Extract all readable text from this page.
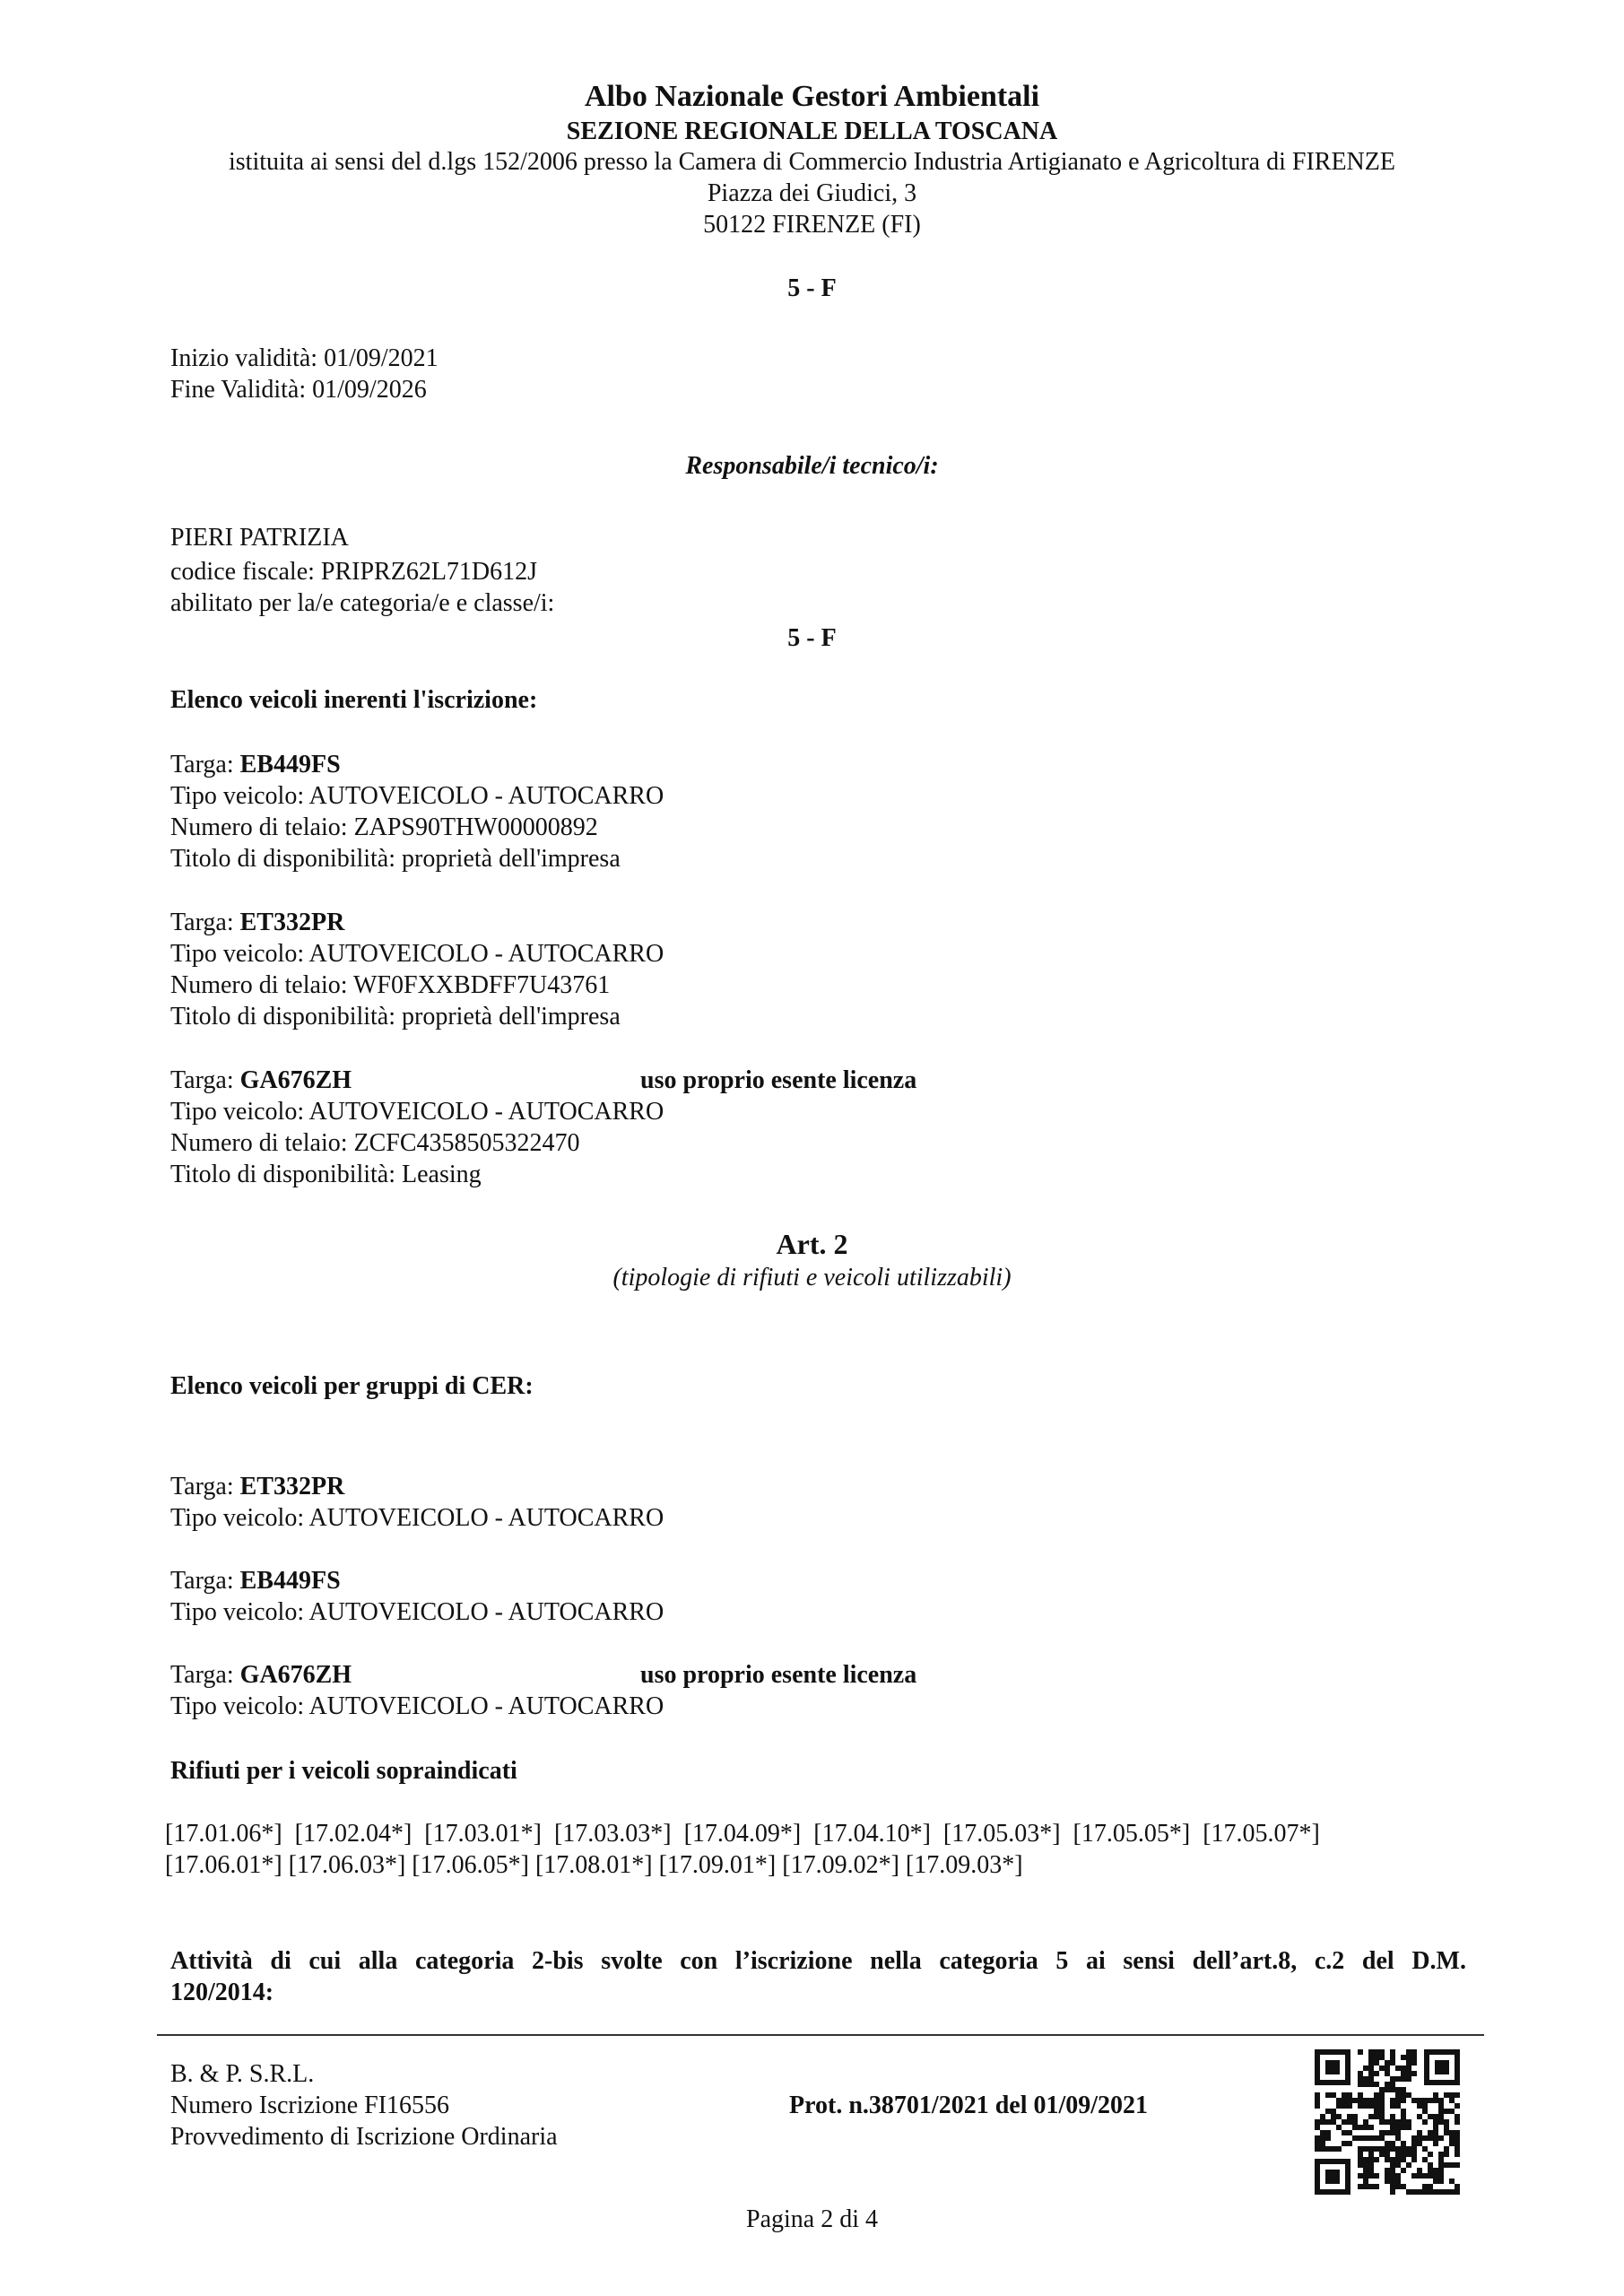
Albo Nazionale Gestori Ambientali
SEZIONE REGIONALE DELLA TOSCANA
istituita ai sensi del d.lgs 152/2006 presso la Camera di Commercio Industria Artigianato e Agricoltura di FIRENZE
Piazza dei Giudici, 3
50122 FIRENZE (FI)
5 - F
Inizio validità: 01/09/2021
Fine Validità: 01/09/2026
Responsabile/i tecnico/i:
PIERI PATRIZIA
codice fiscale: PRIPRZ62L71D612J
abilitato per la/e categoria/e e classe/i:
5 - F
Elenco veicoli inerenti l'iscrizione:
Targa: EB449FS
Tipo veicolo: AUTOVEICOLO - AUTOCARRO
Numero di telaio: ZAPS90THW00000892
Titolo di disponibilità: proprietà dell'impresa
Targa: ET332PR
Tipo veicolo: AUTOVEICOLO - AUTOCARRO
Numero di telaio: WF0FXXBDFF7U43761
Titolo di disponibilità: proprietà dell'impresa
Targa: GA676ZH	uso proprio esente licenza
Tipo veicolo: AUTOVEICOLO - AUTOCARRO
Numero di telaio: ZCFC4358505322470
Titolo di disponibilità: Leasing
Art. 2
(tipologie di rifiuti e veicoli utilizzabili)
Elenco veicoli per gruppi di CER:
Targa: ET332PR
Tipo veicolo: AUTOVEICOLO - AUTOCARRO
Targa: EB449FS
Tipo veicolo: AUTOVEICOLO - AUTOCARRO
Targa: GA676ZH	uso proprio esente licenza
Tipo veicolo: AUTOVEICOLO - AUTOCARRO
Rifiuti per i veicoli sopraindicati
[17.01.06*]  [17.02.04*]  [17.03.01*]  [17.03.03*]  [17.04.09*]  [17.04.10*]  [17.05.03*]  [17.05.05*]  [17.05.07*]
[17.06.01*] [17.06.03*] [17.06.05*] [17.08.01*] [17.09.01*] [17.09.02*] [17.09.03*]
Attività di cui alla categoria 2-bis svolte con l’iscrizione nella categoria 5 ai sensi dell’art.8, c.2 del D.M.
120/2014:
B. & P. S.R.L.
Numero Iscrizione FI16556
Provvedimento di Iscrizione Ordinaria
Prot. n.38701/2021 del 01/09/2021
Pagina 2 di 4
